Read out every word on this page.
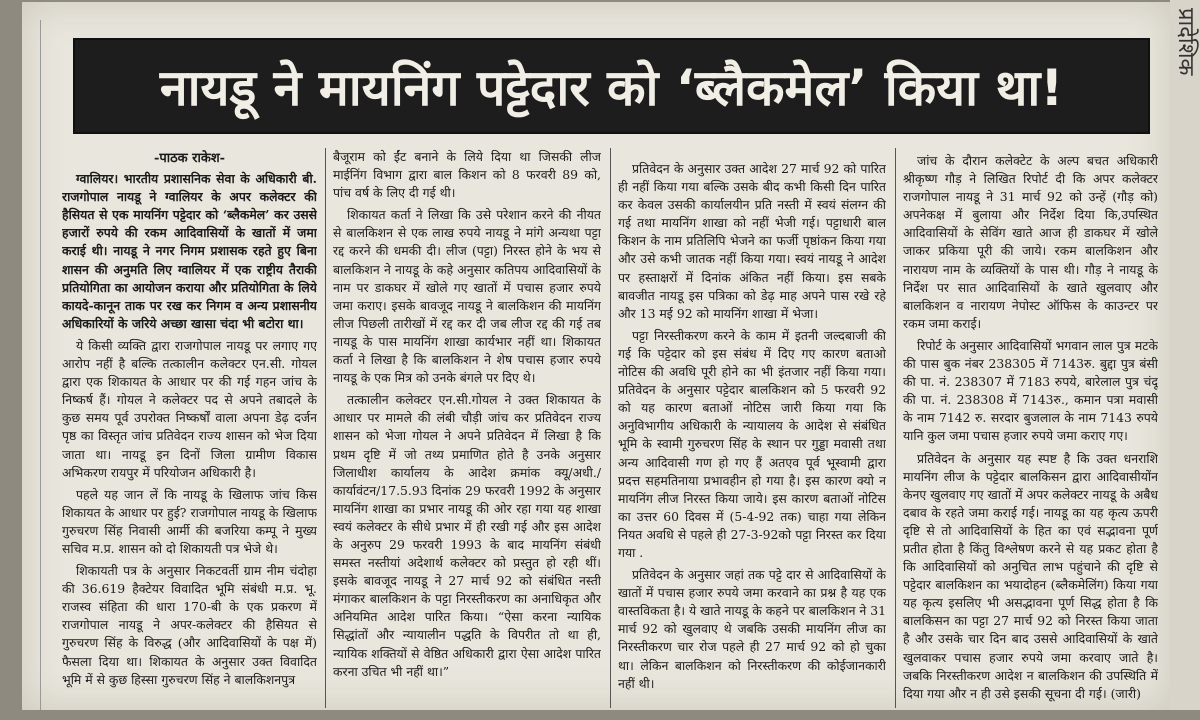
प्रादेशिक
नायडू ने मायनिंग पट्टेदार को ‘ब्लैकमेल’ किया था!

-पाठक राकेश-

ग्वालियर। भारतीय प्रशासनिक सेवा के अधिकारी बी. राजगोपाल नायडू ने ग्वालियर के अपर कलेक्टर की हैसियत से एक मायनिंग पट्टेदार को ‘ब्लैकमेल’ कर उससे हजारों रुपये की रकम आदिवासियों के खातों में जमा कराई थी। नायडू ने नगर निगम प्रशासक रहते हुए बिना शासन की अनुमति लिए ग्वालियर में एक राष्ट्रीय तैराकी प्रतियोगिता का आयोजन कराया और प्रतियोगिता के लिये कायदे-कानून ताक पर रख कर निगम व अन्य प्रशासनीय अधिकारियों के जरिये अच्छा खासा चंदा भी बटोरा था।

ये किसी व्यक्ति द्वारा राजगोपाल नायडू पर लगाए गए आरोप नहीं है बल्कि तत्कालीन कलेक्टर एन.सी. गोयल द्वारा एक शिकायत के आधार पर की गई गहन जांच के निष्कर्ष हैं। गोयल ने कलेक्टर पद से अपने तबादले के कुछ समय पूर्व उपरोक्त निष्कर्षों वाला अपना डेढ़ दर्जन पृष्ठ का विस्तृत जांच प्रतिवेदन राज्य शासन को भेज दिया जाता था। नायडू इन दिनों जिला ग्रामीण विकास अभिकरण रायपुर में परियोजन अधिकारी है।

पहले यह जान लें कि नायडू के खिलाफ जांच किस शिकायत के आधार पर हुई? राजगोपाल नायडू के खिलाफ गुरुचरण सिंह निवासी आर्मी की बजरिया कम्पू ने मुख्य सचिव म.प्र. शासन को दो शिकायती पत्र भेजे थे।

शिकायती पत्र के अनुसार निकटवर्ती ग्राम नीम चंदोहा की 36.619 हैक्टेयर विवादित भूमि संबंधी म.प्र. भू. राजस्व संहिता की धारा 170-बी के एक प्रकरण में राजगोपाल नायडू ने अपर-कलेक्टर की हैसियत से गुरुचरण सिंह के विरुद्ध (और आदिवासियों के पक्ष में) फैसला दिया था। शिकायत के अनुसार उक्त विवादित भूमि में से कुछ हिस्सा गुरुचरण सिंह ने बालकिशनपुत्र

बैजूराम को ईंट बनाने के लिये दिया था जिसकी लीज माईनिंग विभाग द्वारा बाल किशन को 8 फरवरी 89 को, पांच वर्ष के लिए दी गई थी।

शिकायत कर्ता ने लिखा कि उसे परेशान करने की नीयत से बालकिशन से एक लाख रुपये नायडू ने मांगे अन्यथा पट्टा रद्द करने की धमकी दी। लीज (पट्टा) निरस्त होने के भय से बालकिशन ने नायडू के कहे अनुसार कतिपय आदिवासियों के नाम पर डाकघर में खोले गए खातों में पचास हजार रुपये जमा कराए। इसके बावजूद नायडू ने बालकिशन की मायनिंग लीज पिछली तारीखों में रद्द कर दी जब लीज रद्द की गई तब नायडू के पास मायनिंग शाखा कार्यभार नहीं था। शिकायत कर्ता ने लिखा है कि बालकिशन ने शेष पचास हजार रुपये नायडू के एक मित्र को उनके बंगले पर दिए थे।

तत्कालीन कलेक्टर एन.सी.गोयल ने उक्त शिकायत के आधार पर मामले की लंबी चौड़ी जांच कर प्रतिवेदन राज्य शासन को भेजा गोयल ने अपने प्रतिवेदन में लिखा है कि प्रथम दृष्टि में जो तथ्य प्रमाणित होते है उनके अनुसार जिलाधीश कार्यालय के आदेश क्रमांक क्यू/अधी./कार्यावंटन/17.5.93 दिनांक 29 फरवरी 1992 के अनुसार मायनिंग शाखा का प्रभार नायडू की ओर रहा गया यह शाखा स्वयं कलेक्टर के सीधे प्रभार में ही रखी गई और इस आदेश के अनुरुप 29 फरवरी 1993 के बाद मायनिंग संबंधी समस्त नस्तीयां अदेशार्थ कलेक्टर को प्रस्तुत हो रही थीं। इसके बावजूद नायडू ने 27 मार्च 92 को संबंधित नस्ती मंगाकर बालकिशन के पट्टा निरस्तीकरण का अनाधिकृत और अनियमित आदेश पारित किया। “ऐसा करना न्यायिक सिद्धांतों और न्यायालीन पद्धति के विपरीत तो था ही, न्यायिक शक्तियों से वेष्ठित अधिकारी द्वारा ऐसा आदेश पारित करना उचित भी नहीं था।”

प्रतिवेदन के अनुसार उक्त आदेश 27 मार्च 92 को पारित ही नहीं किया गया बल्कि उसके बीद कभी किसी दिन पारित कर केवल उसकी कार्यालयीन प्रति नस्ती में स्वयं संलग्न की गई तथा मायनिंग शाखा को नहीं भेजी गई। पट्टाधारी बाल किशन के नाम प्रतिलिपि भेजने का फर्जी पृष्ठांकन किया गया और उसे कभी जातक नहीं किया गया। स्वयं नायडू ने आदेश पर हस्ताक्षरों में दिनांक अंकित नहीं किया। इस सबके बावजीत नायडू इस पत्रिका को डेढ़ माह अपने पास रखे रहे और 13 मई 92 को मायनिंग शाखा में भेजा।

पट्टा निरस्तीकरण करने के काम में इतनी जल्दबाजी की गई कि पट्टेदार को इस संबंध में दिए गए कारण बताओ नोटिस की अवधि पूरी होने का भी इंतजार नहीं किया गया। प्रतिवेदन के अनुसार पट्टेदार बालकिशन को 5 फरवरी 92 को यह कारण बताओं नोटिस जारी किया गया कि अनुविभागीय अधिकारी के न्यायालय के आदेश से संबंधित भूमि के स्वामी गुरुचरण सिंह के स्थान पर गुड्डा मवासी तथा अन्य आदिवासी गण हो गए हैं अतएव पूर्व भूस्वामी द्वारा प्रदत्त सहमतिनाया प्रभावहीन हो गया है। इस कारण क्यो न मायनिंग लीज निरस्त किया जाये। इस कारण बताओं नोटिस का उत्तर 60 दिवस में (5-4-92 तक) चाहा गया लेकिन नियत अवधि से पहले ही 27-3-92को पट्टा निरस्त कर दिया गया .

प्रतिवेदन के अनुसार जहां तक पट्टे दार से आदिवासियों के खातों में पचास हजार रुपये जमा करवाने का प्रश्न है यह एक वास्तविकता है। ये खाते नायडू के कहने पर बालकिशन ने 31 मार्च 92 को खुलवाए थे जबकि उसकी मायनिंग लीज का निरस्तीकरण चार रोज पहले ही 27 मार्च 92 को हो चुका था। लेकिन बालकिशन को निरस्तीकरण की कोईजानकारी नहीं थी।

जांच के दौरान कलेक्टेट के अल्प बचत अधिकारी श्रीकृष्ण गौड़ ने लिखित रिपोर्ट दी कि अपर कलेक्टर राजगोपाल नायडू ने 31 मार्च 92 को उन्हें (गौड़ को) अपनेकक्ष में बुलाया और निर्देश दिया कि,उपस्थित आदिवासियों के सेविंग खाते आज ही डाकघर में खोले जाकर प्रकिया पूरी की जाये। रकम बालकिशन और नारायण नाम के व्यक्तियों के पास थी। गौड़ ने नायडू के निर्देश पर सात आदिवासियों के खाते खुलवाए और बालकिशन व नारायण नेपोस्ट ऑफिस के काउन्टर पर रकम जमा कराई।

रिपोर्ट के अनुसार आदिवासियों भगवान लाल पुत्र मटके की पास बुक नंबर 238305 में 7143रु. बुद्दा पुत्र बंसी की पा. नं. 238307 में 7183 रुपये, बारेलाल पुत्र चंदू की पा. नं. 238308 में 7143रु., कमान पत्रा मवासी के नाम 7142 रु. सरदार बुजलाल के नाम 7143 रुपये यानि कुल जमा पचास हजार रुपये जमा कराए गए।

प्रतिवेदन के अनुसार यह स्पष्ट है कि उक्त धनराशि मायनिंग लीज के पट्टेदार बालकिसन द्वारा आदिवासीयोंन केनए खुलवाए गए खातों में अपर कलेक्टर नायडू के अबैध दबाव के रहते जमा कराई गई। नायडू का यह कृत्य ऊपरी दृष्टि से तो आदिवासियों के हित का एवं सद्भावना पूर्ण प्रतीत होता है किंतु विश्लेषण करने से यह प्रकट होता है कि आदिवासियों को अनुचित लाभ पहुंचाने की दृष्टि से पट्टेदार बालकिशन का भयादोहन (ब्लैकमेलिंग) किया गया यह कृत्य इसलिए भी असद्भावना पूर्ण सिद्ध होता है कि बालकिसन का पट्टा 27 मार्च 92 को निरस्त किया जाता है और उसके चार दिन बाद उससे आदिवासियों के खाते खुलवाकर पचास हजार रुपये जमा करवाए जाते है। जबकि निरस्तीकरण आदेश न बालकिशन की उपस्थिति में दिया गया और न ही उसे इसकी सूचना दी गई। (जारी)
